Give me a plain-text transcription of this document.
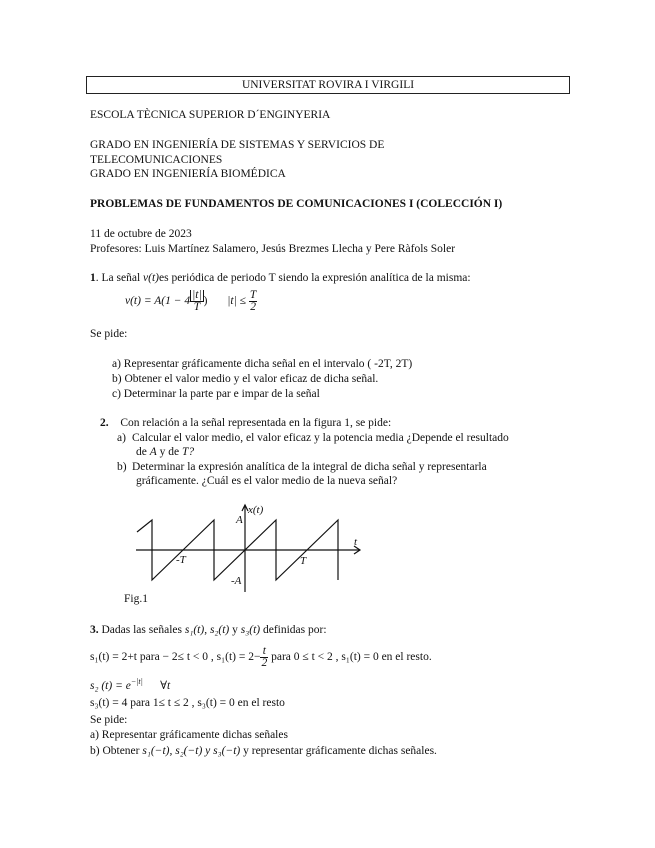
UNIVERSITAT ROVIRA I VIRGILI
ESCOLA TÈCNICA SUPERIOR D´ENGINYERIA
GRADO EN INGENIERÍA DE SISTEMAS Y SERVICIOS DE
TELECOMUNICACIONES
GRADO EN INGENIERÍA BIOMÉDICA
PROBLEMAS DE FUNDAMENTOS DE COMUNICACIONES I (COLECCIÓN I)
11 de octubre de 2023
Profesores: Luis Martínez Salamero, Jesús Brezmes Llecha y Pere Ràfols Soler
1. La señal v(t)es periódica de periodo T siendo la expresión analítica de la misma:
$v(t) = A(1 - 4 \frac{|t|}{T}$ ) $|t| \le \frac{T}{2}$
Se pide:
a) Representar gráficamente dicha señal en el intervalo ( -2T, 2T)
b) Obtener el valor medio y el valor eficaz de dicha señal.
c) Determinar la parte par e impar de la señal
2. Con relación a la señal representada en la figura 1, se pide:
a) Calcular el valor medio, el valor eficaz y la potencia media ¿Depende el resultado
de A y de T?
b) Determinar la expresión analítica de la integral de dicha señal y representarla
gráficamente. ¿Cuál es el valor medio de la nueva señal?
x(t)
A
-A
-T	T
t
Fig.1
3. Dadas las señales s₁(t), s₂(t) y s₃(t) definidas por:
s₁(t) = 2+t para − 2≤ t < 0 , $s_1(t) = 2- \frac{t}{2}$ para 0 ≤ t < 2 , s₁(t) = 0 en el resto.
s₂ $(t) = e^{-|t|}$      ∀t
s₃(t) = 4 para 1≤ t ≤ 2 , s₃(t) = 0 en el resto
Se pide:
a) Representar gráficamente dichas señales
b) Obtener s₁(−t), s₂(−t) y s₃(−t) y representar gráficamente dichas señales.
